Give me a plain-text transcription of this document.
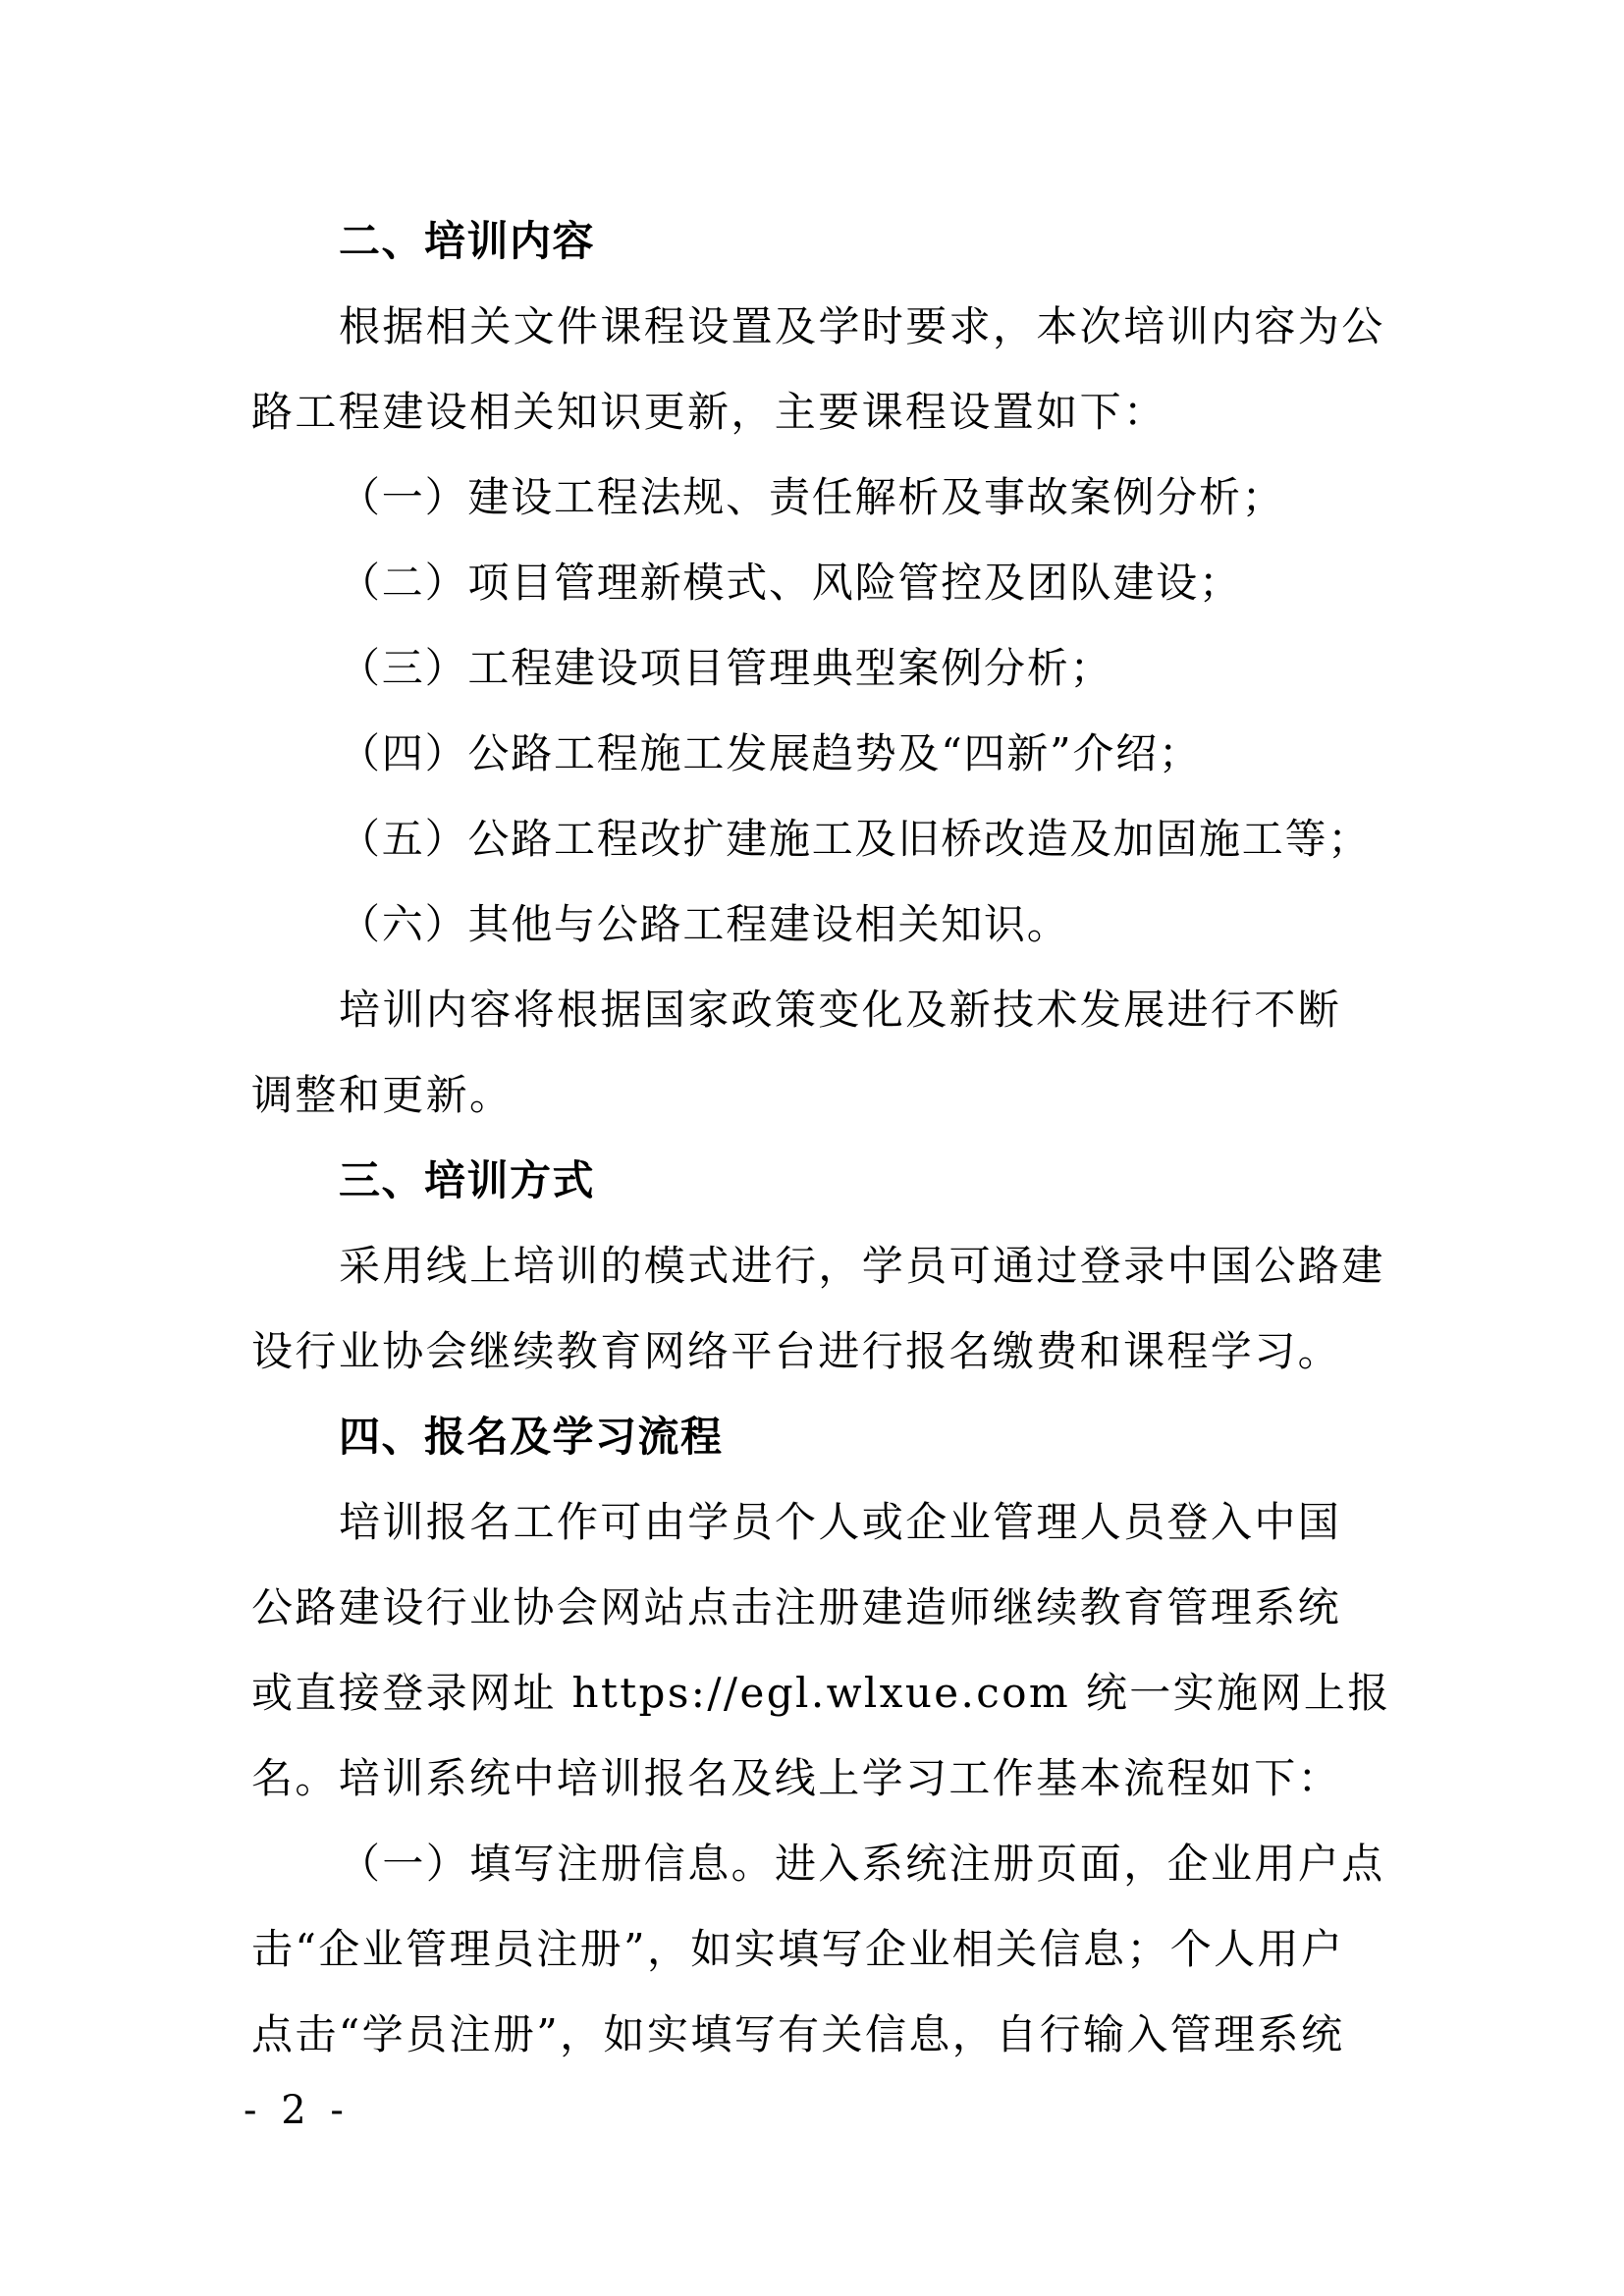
二、培训内容
根据相关文件课程设置及学时要求，本次培训内容为公
路工程建设相关知识更新，主要课程设置如下：
（一）建设工程法规、责任解析及事故案例分析；
（二）项目管理新模式、风险管控及团队建设；
（三）工程建设项目管理典型案例分析；
（四）公路工程施工发展趋势及“四新”介绍；
（五）公路工程改扩建施工及旧桥改造及加固施工等；
（六）其他与公路工程建设相关知识。
培训内容将根据国家政策变化及新技术发展进行不断
调整和更新。
三、培训方式
采用线上培训的模式进行，学员可通过登录中国公路建
设行业协会继续教育网络平台进行报名缴费和课程学习。
四、报名及学习流程
培训报名工作可由学员个人或企业管理人员登入中国
公路建设行业协会网站点击注册建造师继续教育管理系统
或直接登录网址 https://egl.wlxue.com 统一实施网上报
名。培训系统中培训报名及线上学习工作基本流程如下：
（一）填写注册信息。进入系统注册页面，企业用户点
击“企业管理员注册”，如实填写企业相关信息；个人用户
点击“学员注册”，如实填写有关信息，自行输入管理系统
- 2 -
